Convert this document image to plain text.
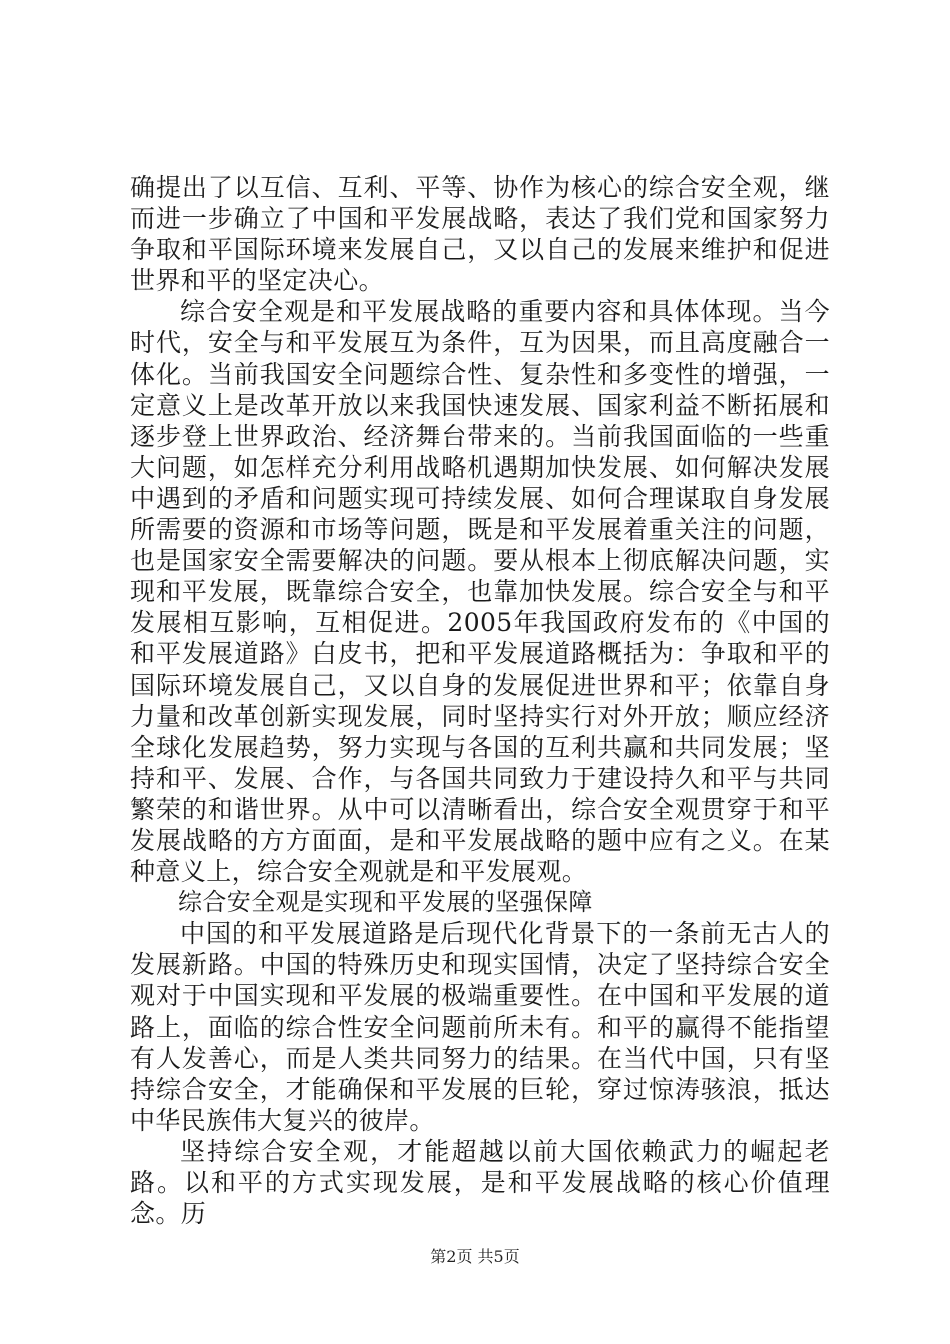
确提出了以互信、互利、平等、协作为核心的综合安全观，继而进一步确立了中国和平发展战略，表达了我们党和国家努力争取和平国际环境来发展自己，又以自己的发展来维护和促进世界和平的坚定决心。

综合安全观是和平发展战略的重要内容和具体体现。当今时代，安全与和平发展互为条件，互为因果，而且高度融合一体化。当前我国安全问题综合性、复杂性和多变性的增强，一定意义上是改革开放以来我国快速发展、国家利益不断拓展和逐步登上世界政治、经济舞台带来的。当前我国面临的一些重大问题，如怎样充分利用战略机遇期加快发展、如何解决发展中遇到的矛盾和问题实现可持续发展、如何合理谋取自身发展所需要的资源和市场等问题，既是和平发展着重关注的问题，也是国家安全需要解决的问题。要从根本上彻底解决问题，实现和平发展，既靠综合安全，也靠加快发展。综合安全与和平发展相互影响，互相促进。2005年我国政府发布的《中国的和平发展道路》白皮书，把和平发展道路概括为：争取和平的国际环境发展自己，又以自身的发展促进世界和平；依靠自身力量和改革创新实现发展，同时坚持实行对外开放；顺应经济全球化发展趋势，努力实现与各国的互利共赢和共同发展；坚持和平、发展、合作，与各国共同致力于建设持久和平与共同繁荣的和谐世界。从中可以清晰看出，综合安全观贯穿于和平发展战略的方方面面，是和平发展战略的题中应有之义。在某种意义上，综合安全观就是和平发展观。

综合安全观是实现和平发展的坚强保障

中国的和平发展道路是后现代化背景下的一条前无古人的发展新路。中国的特殊历史和现实国情，决定了坚持综合安全观对于中国实现和平发展的极端重要性。在中国和平发展的道路上，面临的综合性安全问题前所未有。和平的赢得不能指望有人发善心，而是人类共同努力的结果。在当代中国，只有坚持综合安全，才能确保和平发展的巨轮，穿过惊涛骇浪，抵达中华民族伟大复兴的彼岸。

坚持综合安全观，才能超越以前大国依赖武力的崛起老路。以和平的方式实现发展，是和平发展战略的核心价值理念。历

第2页 共5页
